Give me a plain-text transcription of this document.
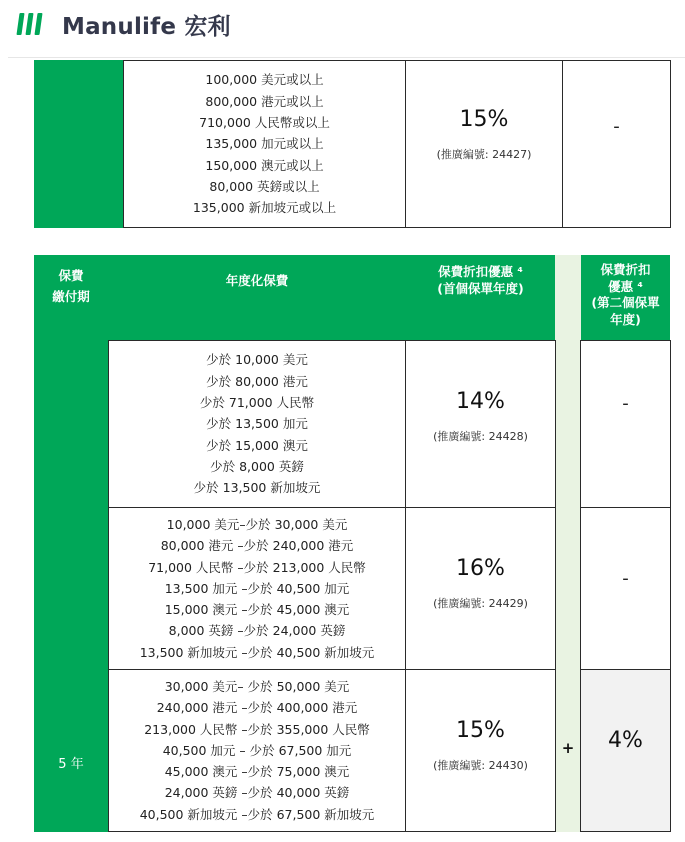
Manulife 宏利
100,000 美元或以上
800,000 港元或以上
710,000 人民幣或以上
135,000 加元或以上
150,000 澳元或以上
80,000 英鎊或以上
135,000 新加坡元或以上
15%
(推廣編號: 24427)
-
保費
繳付期
5 年
年度化保費
保費折扣優惠 ⁴
(首個保單年度)
+
保費折扣
優惠 ⁴
(第二個保單
年度)
少於 10,000 美元
少於 80,000 港元
少於 71,000 人民幣
少於 13,500 加元
少於 15,000 澳元
少於 8,000 英鎊
少於 13,500 新加坡元
14%
(推廣編號: 24428)
-
10,000 美元–少於 30,000 美元
80,000 港元 –少於 240,000 港元
71,000 人民幣 –少於 213,000 人民幣
13,500 加元 –少於 40,500 加元
15,000 澳元 –少於 45,000 澳元
8,000 英鎊 –少於 24,000 英鎊
13,500 新加坡元 –少於 40,500 新加坡元
16%
(推廣編號: 24429)
-
30,000 美元– 少於 50,000 美元
240,000 港元 –少於 400,000 港元
213,000 人民幣 –少於 355,000 人民幣
40,500 加元 – 少於 67,500 加元
45,000 澳元 –少於 75,000 澳元
24,000 英鎊 –少於 40,000 英鎊
40,500 新加坡元 –少於 67,500 新加坡元
15%
(推廣編號: 24430)
4%
